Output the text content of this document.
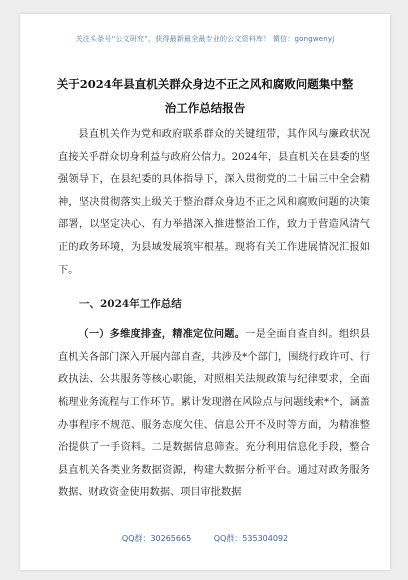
关注头条号“公文研究”，获得最新最全最专业的公文资料库！ 微信：gongwenyj
关于2024年县直机关群众身边不正之风和腐败问题集中整
治工作总结报告

县直机关作为党和政府联系群众的关键纽带，其作风与廉政状况直接关乎群众切身利益与政府公信力。2024年，县直机关在县委的坚强领导下，在县纪委的具体指导下，深入贯彻党的二十届三中全会精神，坚决贯彻落实上级关于整治群众身边不正之风和腐败问题的决策部署，以坚定决心、有力举措深入推进整治工作，致力于营造风清气正的政务环境，为县域发展筑牢根基。现将有关工作进展情况汇报如下。

一、2024年工作总结

（一）多维度排查，精准定位问题。一是全面自查自纠。组织县直机关各部门深入开展内部自查，共涉及*个部门，围绕行政许可、行政执法、公共服务等核心职能，对照相关法规政策与纪律要求，全面梳理业务流程与工作环节。累计发现潜在风险点与问题线索*个，涵盖办事程序不规范、服务态度欠佳、信息公开不及时等方面，为精准整治提供了一手资料。二是数据信息筛查。充分利用信息化手段，整合县直机关各类业务数据资源，构建大数据分析平台。通过对政务服务数据、财政资金使用数据、项目审批数据

QQ群：30265665	QQ群：535304092
